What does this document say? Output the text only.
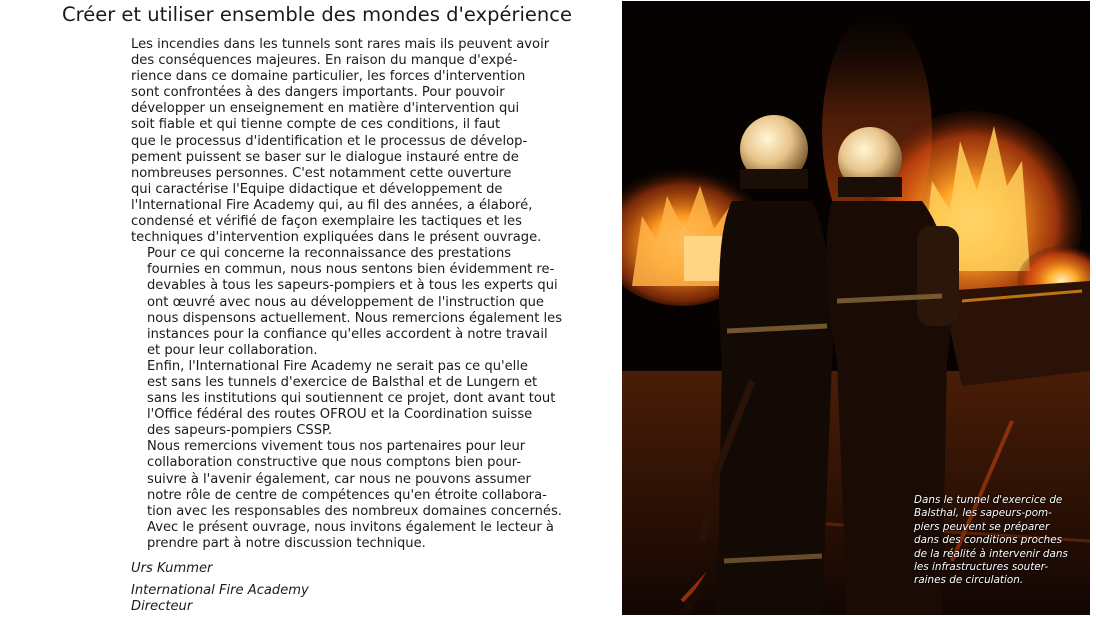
Créer et utiliser ensemble des mondes d'expérience

Les incendies dans les tunnels sont rares mais ils peuvent avoir
des conséquences majeures. En raison du manque d'expé-
rience dans ce domaine particulier, les forces d'intervention
sont confrontées à des dangers importants. Pour pouvoir
développer un enseignement en matière d'intervention qui
soit fiable et qui tienne compte de ces conditions, il faut
que le processus d'identification et le processus de dévelop-
pement puissent se baser sur le dialogue instauré entre de
nombreuses personnes. C'est notamment cette ouverture
qui caractérise l'Equipe didactique et développement de
l'International Fire Academy qui, au fil des années, a élaboré,
condensé et vérifié de façon exemplaire les tactiques et les
techniques d'intervention expliquées dans le présent ouvrage.

Pour ce qui concerne la reconnaissance des prestations
fournies en commun, nous nous sentons bien évidemment re-
devables à tous les sapeurs-pompiers et à tous les experts qui
ont œuvré avec nous au développement de l'instruction que
nous dispensons actuellement. Nous remercions également les
instances pour la confiance qu'elles accordent à notre travail
et pour leur collaboration.

Enfin, l'International Fire Academy ne serait pas ce qu'elle
est sans les tunnels d'exercice de Balsthal et de Lungern et
sans les institutions qui soutiennent ce projet, dont avant tout
l'Office fédéral des routes OFROU et la Coordination suisse
des sapeurs-pompiers CSSP.

Nous remercions vivement tous nos partenaires pour leur
collaboration constructive que nous comptons bien pour-
suivre à l'avenir également, car nous ne pouvons assumer
notre rôle de centre de compétences qu'en étroite collabora-
tion avec les responsables des nombreux domaines concernés.
Avec le présent ouvrage, nous invitons également le lecteur à
prendre part à notre discussion technique.

Urs Kummer

International Fire Academy

Directeur

Dans le tunnel d'exercice de
Balsthal, les sapeurs-pom-
piers peuvent se préparer
dans des conditions proches
de la réalité à intervenir dans
les infrastructures souter-
raines de circulation.
